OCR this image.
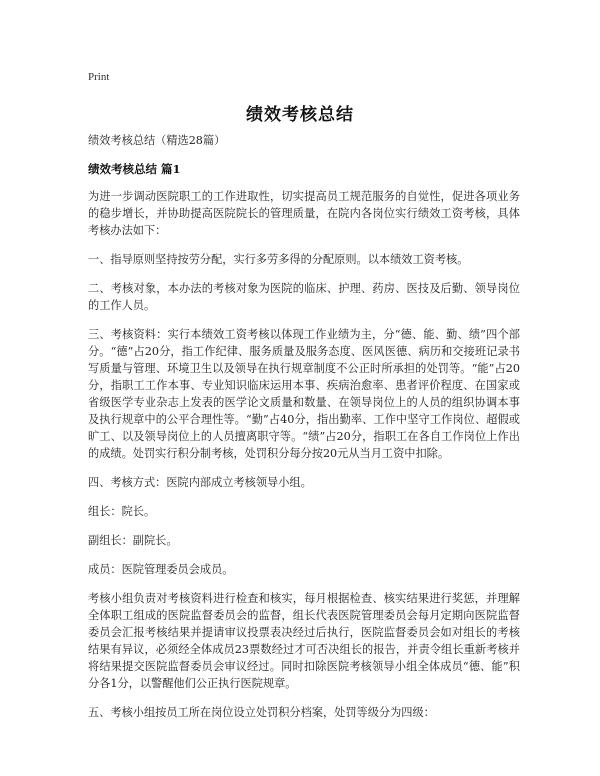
Print
绩效考核总结

绩效考核总结（精选28篇）

绩效考核总结 篇1

为进一步调动医院职工的工作进取性，切实提高员工规范服务的自觉性，促进各项业务的稳步增长，并协助提高医院院长的管理质量，在院内各岗位实行绩效工资考核，具体考核办法如下：

一、指导原则坚持按劳分配，实行多劳多得的分配原则。以本绩效工资考核。

二、考核对象，本办法的考核对象为医院的临床、护理、药房、医技及后勤、领导岗位的工作人员。

三、考核资料：实行本绩效工资考核以体现工作业绩为主，分“德、能、勤、绩”四个部分。“德”占20分，指工作纪律、服务质量及服务态度、医风医德、病历和交接班记录书写质量与管理、环境卫生以及领导在执行规章制度不公正时所承担的处罚等。“能”占20分，指职工工作本事、专业知识临床运用本事、疾病治愈率、患者评价程度、在国家或省级医学专业杂志上发表的医学论文质量和数量、在领导岗位上的人员的组织协调本事及执行规章中的公平合理性等。“勤”占40分，指出勤率、工作中坚守工作岗位、超假或旷工、以及领导岗位上的人员擅离职守等。“绩”占20分，指职工在各自工作岗位上作出的成绩。处罚实行积分制考核，处罚积分每分按20元从当月工资中扣除。

四、考核方式：医院内部成立考核领导小组。

组长：院长。

副组长：副院长。

成员：医院管理委员会成员。

考核小组负责对考核资料进行检查和核实，每月根据检查、核实结果进行奖惩，并理解全体职工组成的医院监督委员会的监督，组长代表医院管理委员会每月定期向医院监督委员会汇报考核结果并提请审议投票表决经过后执行，医院监督委员会如对组长的考核结果有异议，必须经全体成员23票数经过才可否决组长的报告，并责令组长重新考核并将结果提交医院监督委员会审议经过。同时扣除医院考核领导小组全体成员“德、能”积分各1分，以警醒他们公正执行医院规章。

五、考核小组按员工所在岗位设立处罚积分档案，处罚等级分为四级：
